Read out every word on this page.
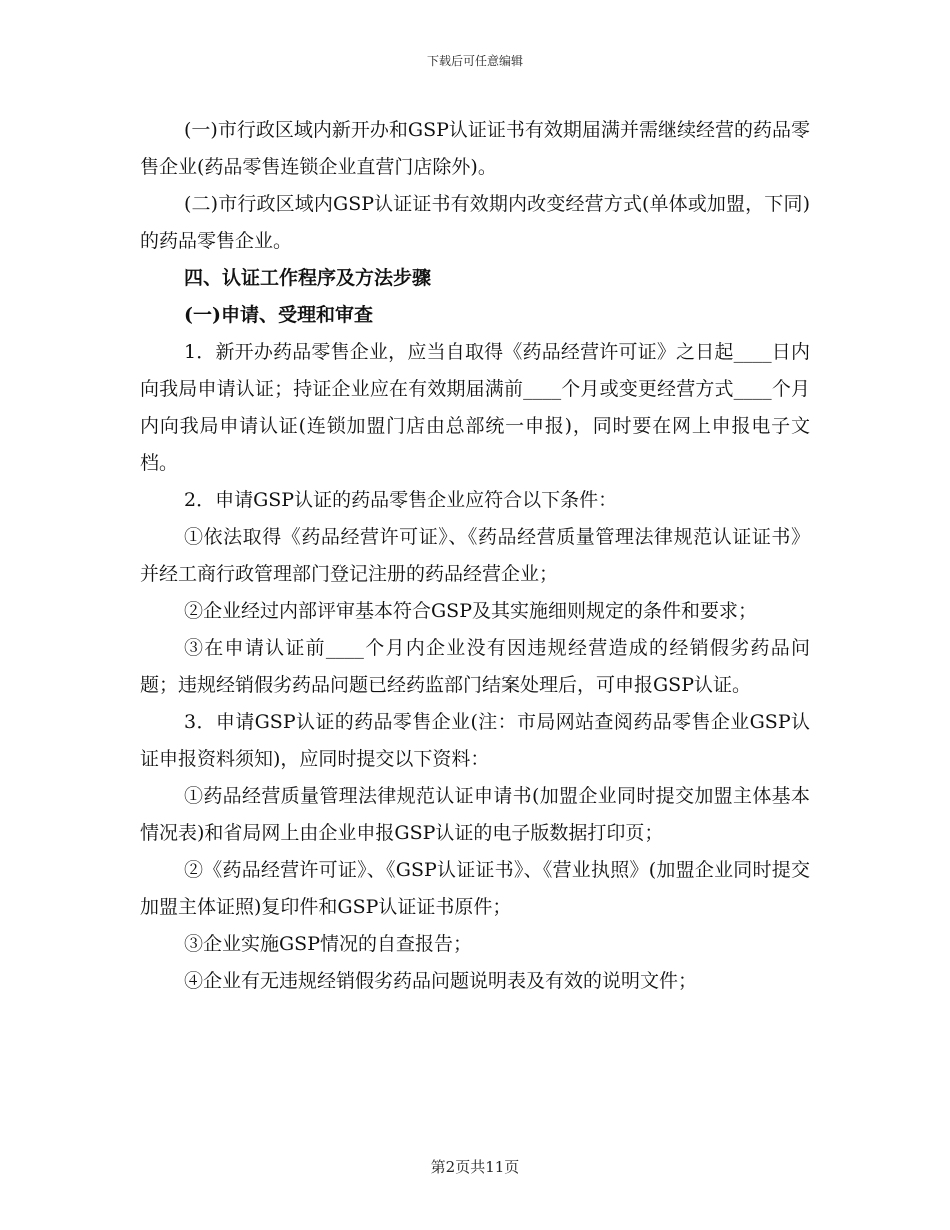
下载后可任意编辑

(一)市行政区域内新开办和GSP认证证书有效期届满并需继续经营的药品零售企业(药品零售连锁企业直营门店除外)。

(二)市行政区域内GSP认证证书有效期内改变经营方式(单体或加盟，下同)的药品零售企业。

四、认证工作程序及方法步骤

(一)申请、受理和审查

1．新开办药品零售企业，应当自取得《药品经营许可证》之日起____日内向我局申请认证；持证企业应在有效期届满前____个月或变更经营方式____个月内向我局申请认证(连锁加盟门店由总部统一申报)，同时要在网上申报电子文档。

2．申请GSP认证的药品零售企业应符合以下条件：

①依法取得《药品经营许可证》、《药品经营质量管理法律规范认证证书》并经工商行政管理部门登记注册的药品经营企业；

②企业经过内部评审基本符合GSP及其实施细则规定的条件和要求；

③在申请认证前____个月内企业没有因违规经营造成的经销假劣药品问题；违规经销假劣药品问题已经药监部门结案处理后，可申报GSP认证。

3．申请GSP认证的药品零售企业(注：市局网站查阅药品零售企业GSP认证申报资料须知)，应同时提交以下资料：

①药品经营质量管理法律规范认证申请书(加盟企业同时提交加盟主体基本情况表)和省局网上由企业申报GSP认证的电子版数据打印页；

②《药品经营许可证》、《GSP认证证书》、《营业执照》(加盟企业同时提交加盟主体证照)复印件和GSP认证证书原件；

③企业实施GSP情况的自查报告；

④企业有无违规经销假劣药品问题说明表及有效的说明文件；

第2页共11页
